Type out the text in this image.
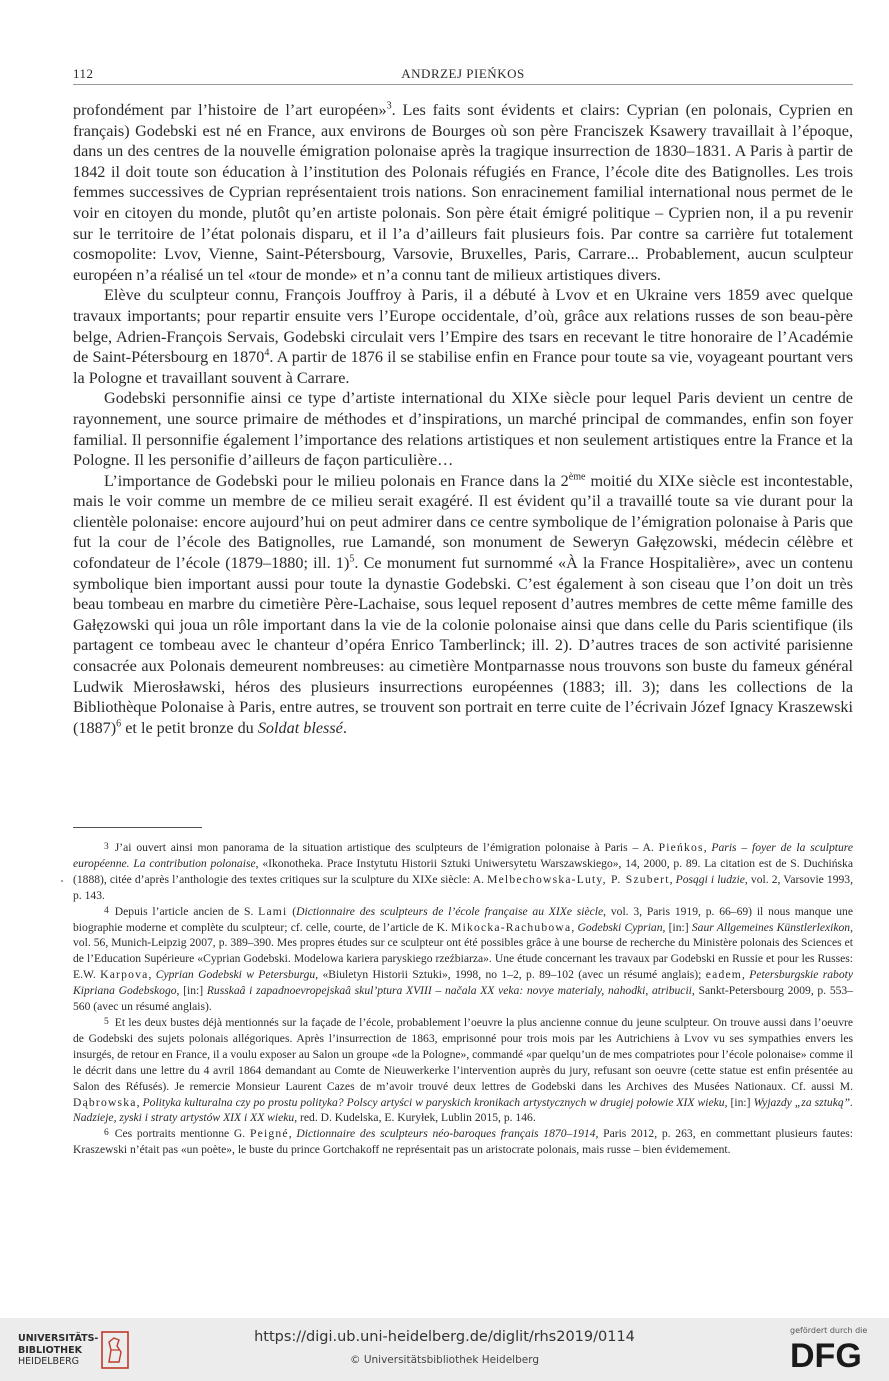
112	ANDRZEJ PIEŃKOS

profondément par l’histoire de l’art européen»$^3$. Les faits sont évidents et clairs: Cyprian (en polonais, Cyprien en français) Godebski est né en France, aux environs de Bourges où son père Franciszek Ksawery travaillait à l’époque, dans un des centres de la nouvelle émigration polonaise après la tragique insurrection de 1830–1831. A Paris à partir de 1842 il doit toute son éducation à l’institution des Polonais réfugiés en France, l’école dite des Batignolles. Les trois femmes successives de Cyprian représentaient trois nations. Son enracinement familial international nous permet de le voir en citoyen du monde, plutôt qu’en artiste polonais. Son père était émigré politique – Cyprien non, il a pu revenir sur le territoire de l’état polonais disparu, et il l’a d’ailleurs fait plusieurs fois. Par contre sa carrière fut totalement cosmopolite: Lvov, Vienne, Saint-Pétersbourg, Varsovie, Bruxelles, Paris, Carrare... Probablement, aucun sculpteur européen n’a réalisé un tel «tour de monde» et n’a connu tant de milieux artistiques divers.

Elève du sculpteur connu, François Jouffroy à Paris, il a débuté à Lvov et en Ukraine vers 1859 avec quelque travaux importants; pour repartir ensuite vers l’Europe occidentale, d’où, grâce aux relations russes de son beau-père belge, Adrien-François Servais, Godebski circulait vers l’Empire des tsars en recevant le titre honoraire de l’Académie de Saint-Pétersbourg en 1870$^4$. A partir de 1876 il se stabilise enfin en France pour toute sa vie, voyageant pourtant vers la Pologne et travaillant souvent à Carrare.

Godebski personnifie ainsi ce type d’artiste international du XIXe siècle pour lequel Paris devient un centre de rayonnement, une source primaire de méthodes et d’inspirations, un marché principal de commandes, enfin son foyer familial. Il personnifie également l’importance des relations artistiques et non seulement artistiques entre la France et la Pologne. Il les personifie d’ailleurs de façon particulière…

L’importance de Godebski pour le milieu polonais en France dans la 2ème moitié du XIXe siècle est incontestable, mais le voir comme un membre de ce milieu serait exagéré. Il est évident qu’il a travaillé toute sa vie durant pour la clientèle polonaise: encore aujourd’hui on peut admirer dans ce centre symbolique de l’émigration polonaise à Paris que fut la cour de l’école des Batignolles, rue Lamandé, son monument de Seweryn Gałęzowski, médecin célèbre et cofondateur de l’école (1879–1880; ill. 1)$^5$. Ce monument fut surnommé «À la France Hospitalière», avec un contenu symbolique bien important aussi pour toute la dynastie Godebski. C’est également à son ciseau que l’on doit un très beau tombeau en marbre du cimetière Père-Lachaise, sous lequel reposent d’autres membres de cette même famille des Gałęzowski qui joua un rôle important dans la vie de la colonie polonaise ainsi que dans celle du Paris scientifique (ils partagent ce tombeau avec le chanteur d’opéra Enrico Tamberlinck; ill. 2). D’autres traces de son activité parisienne consacrée aux Polonais demeurent nombreuses: au cimetière Montparnasse nous trouvons son buste du fameux général Ludwik Mierosławski, héros des plusieurs insurrections européennes (1883; ill. 3); dans les collections de la Bibliothèque Polonaise à Paris, entre autres, se trouvent son portrait en terre cuite de l’écrivain Józef Ignacy Kraszewski $(1887)^6$ et le petit bronze du Soldat blessé.

3 J’ai ouvert ainsi mon panorama de la situation artistique des sculpteurs de l’émigration polonaise à Paris – A. Pieńkos, Paris – foyer de la sculpture européenne. La contribution polonaise, «Ikonotheka. Prace Instytutu Historii Sztuki Uniwersytetu Warszawskiego», 14, 2000, p. 89. La citation est de S. Duchińska (1888), citée d’après l’anthologie des textes critiques sur la sculpture du XIXe siècle: A. Melbechowska-Luty, P. Szubert, Posągi i ludzie, vol. 2, Varsovie 1993, p. 143.

4 Depuis l’article ancien de S. Lami (Dictionnaire des sculpteurs de l’école française au XIXe siècle, vol. 3, Paris 1919, p. 66–69) il nous manque une biographie moderne et complète du sculpteur; cf. celle, courte, de l’article de K. Mikocka-Rachubowa, Godebski Cyprian, [in:] Saur Allgemeines Künstlerlexikon, vol. 56, Munich-Leipzig 2007, p. 389–390. Mes propres études sur ce sculpteur ont été possibles grâce à une bourse de recherche du Ministère polonais des Sciences et de l’Education Supérieure «Cyprian Godebski. Modelowa kariera paryskiego rzeźbiarza». Une étude concernant les travaux par Godebski en Russie et pour les Russes: E.W. Karpova, Cyprian Godebski w Petersburgu, «Biuletyn Historii Sztuki», 1998, no 1–2, p. 89–102 (avec un résumé anglais); eadem, Petersburgskie raboty Kipriana Godebskogo, [in:] Russkaâ i zapadnoevropejskaâ skul’ptura XVIII – načala XX veka: novye materialy, nahodki, atribucii, Sankt-Petersbourg 2009, p. 553–560 (avec un résumé anglais).

5 Et les deux bustes déjà mentionnés sur la façade de l’école, probablement l’oeuvre la plus ancienne connue du jeune sculpteur. On trouve aussi dans l’oeuvre de Godebski des sujets polonais allégoriques. Après l’insurrection de 1863, emprisonné pour trois mois par les Autrichiens à Lvov vu ses sympathies envers les insurgés, de retour en France, il a voulu exposer au Salon un groupe «de la Pologne», commandé «par quelqu’un de mes compatriotes pour l’école polonaise» comme il le décrit dans une lettre du 4 avril 1864 demandant au Comte de Nieuwerkerke l’intervention auprès du jury, refusant son oeuvre (cette statue est enfin présentée au Salon des Réfusés). Je remercie Monsieur Laurent Cazes de m’avoir trouvé deux lettres de Godebski dans les Archives des Musées Nationaux. Cf. aussi M. Dąbrowska, Polityka kulturalna czy po prostu polityka? Polscy artyści w paryskich kronikach artystycznych w drugiej połowie XIX wieku, [in:] Wyjazdy „za sztuką”. Nadzieje, zyski i straty artystów XIX i XX wieku, red. D. Kudelska, E. Kuryłek, Lublin 2015, p. 146.

6 Ces portraits mentionne G. Peigné, Dictionnaire des sculpteurs néo-baroques français 1870–1914, Paris 2012, p. 263, en commettant plusieurs fautes: Kraszewski n’était pas «un poète», le buste du prince Gortchakoff ne représentait pas un aristocrate polonais, mais russe – bien évidemement.

UNIVERSITÄTS-
BIBLIOTHEK
HEIDELBERG
https://digi.ub.uni-heidelberg.de/diglit/rhs2019/0114
© Universitätsbibliothek Heidelberg
gefördert durch die
DFG
